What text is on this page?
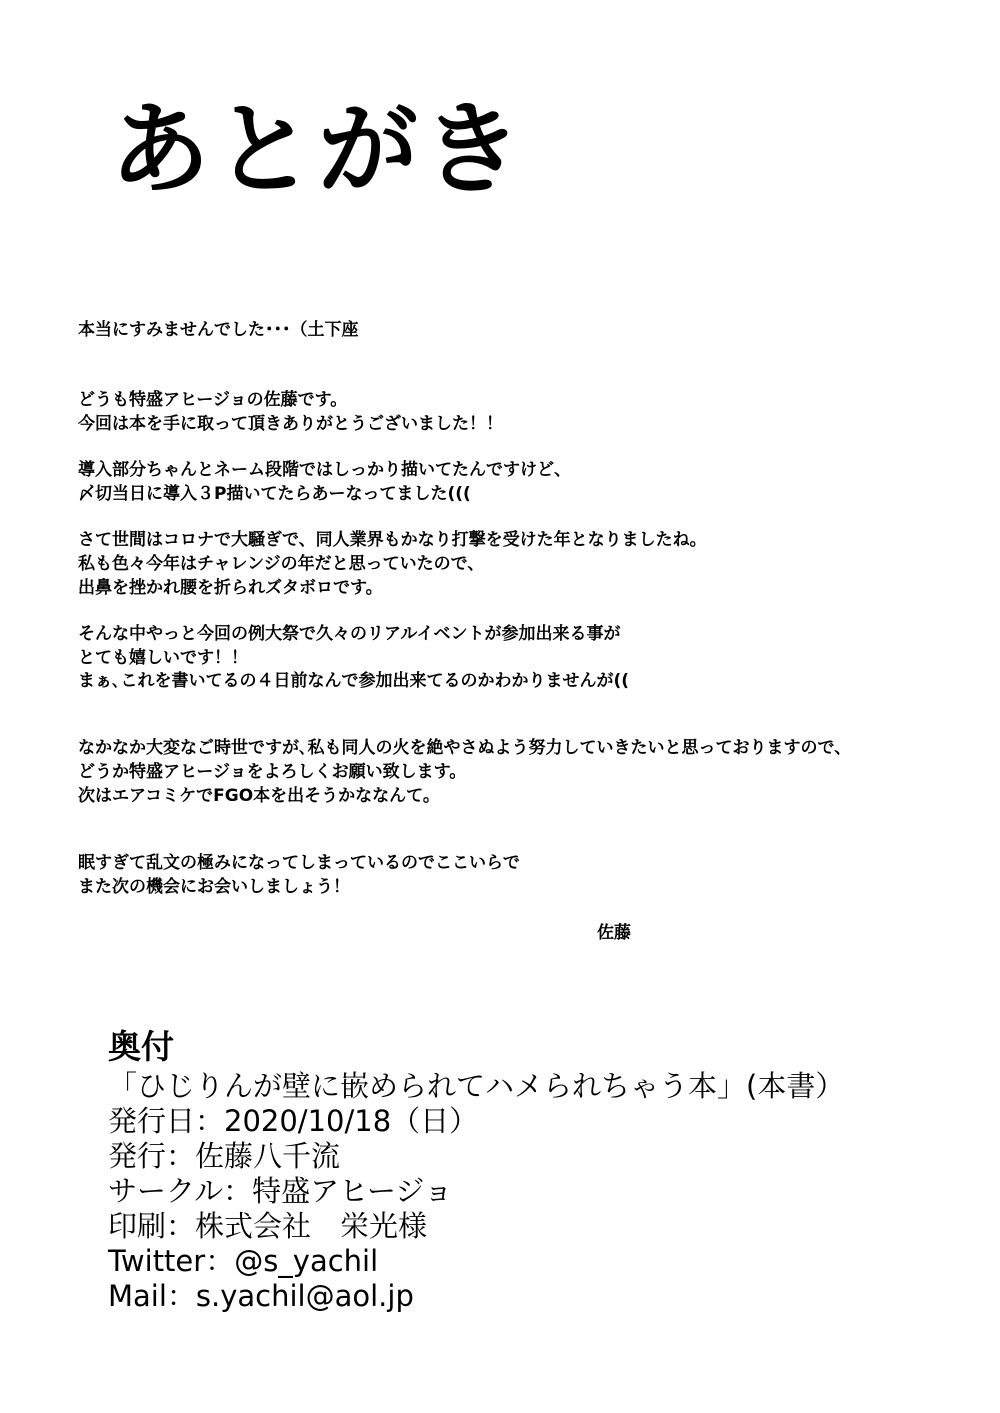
あとがき
本当にすみませんでした･･･（土下座
どうも特盛アヒージョの佐藤です。
今回は本を手に取って頂きありがとうございました！！
導入部分ちゃんとネーム段階ではしっかり描いてたんですけど、
〆切当日に導入３P描いてたらあーなってました(((
さて世間はコロナで大騒ぎで、同人業界もかなり打撃を受けた年となりましたね。
私も色々今年はチャレンジの年だと思っていたので、
出鼻を挫かれ腰を折られズタボロです。
そんな中やっと今回の例大祭で久々のリアルイベントが参加出来る事が
とても嬉しいです！！
まぁ､これを書いてるの４日前なんで参加出来てるのかわかりませんが((
なかなか大変なご時世ですが､私も同人の火を絶やさぬよう努力していきたいと思っておりますので、
どうか特盛アヒージョをよろしくお願い致します。
次はエアコミケでFGO本を出そうかななんて。
眠すぎて乱文の極みになってしまっているのでここいらで
また次の機会にお会いしましょう！
佐藤
奥付
「ひじりんが壁に嵌められてハメられちゃう本」(本書）
発行日：2020/10/18（日）
発行：佐藤八千流
サークル：特盛アヒージョ
印刷：株式会社　栄光様
Twitter：@s_yachil
Mail：s.yachil@aol.jp
